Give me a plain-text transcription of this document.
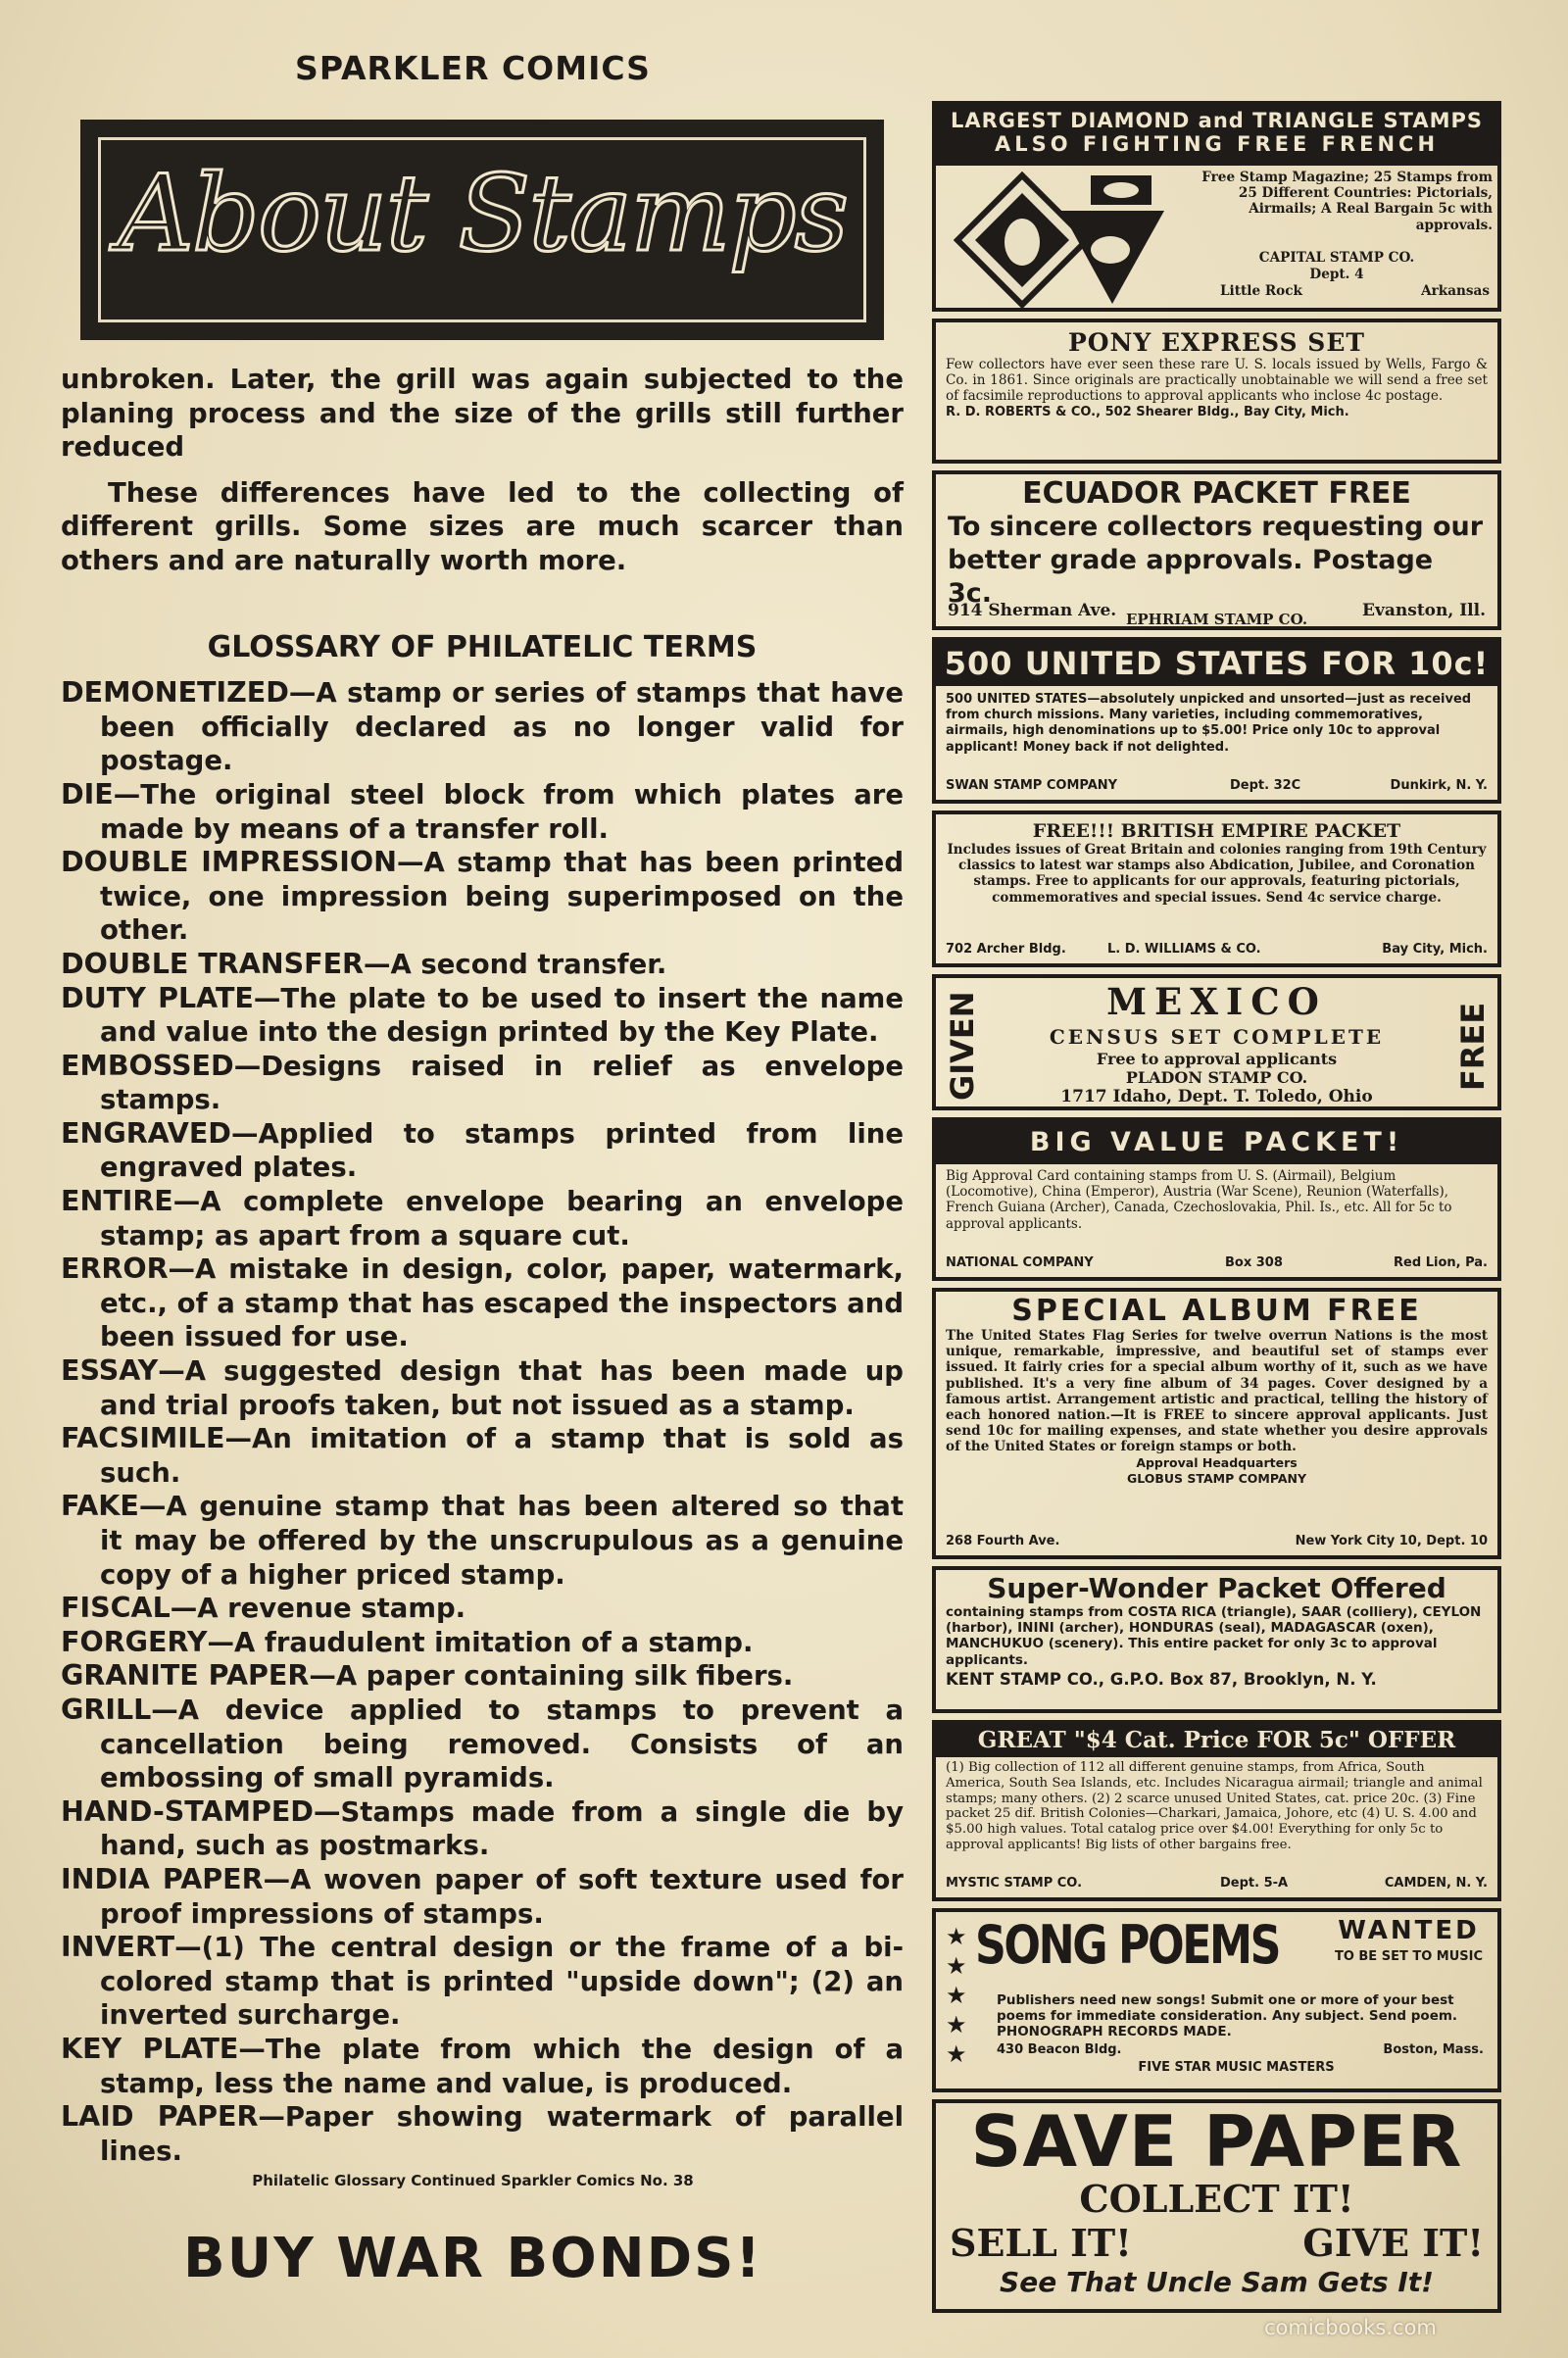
SPARKLER COMICS
About Stamps

unbroken. Later, the grill was again subjected to the planing process and the size of the grills still further reduced

These differences have led to the collecting of different grills. Some sizes are much scarcer than others and are naturally worth more.

GLOSSARY OF PHILATELIC TERMS

DEMONETIZED—A stamp or series of stamps that have been officially declared as no longer valid for postage.

DIE—The original steel block from which plates are made by means of a transfer roll.

DOUBLE IMPRESSION—A stamp that has been printed twice, one impression being superimposed on the other.

DOUBLE TRANSFER—A second transfer.

DUTY PLATE—The plate to be used to insert the name and value into the design printed by the Key Plate.

EMBOSSED—Designs raised in relief as envelope stamps.

ENGRAVED—Applied to stamps printed from line engraved plates.

ENTIRE—A complete envelope bearing an envelope stamp; as apart from a square cut.

ERROR—A mistake in design, color, paper, watermark, etc., of a stamp that has escaped the inspectors and been issued for use.

ESSAY—A suggested design that has been made up and trial proofs taken, but not issued as a stamp.

FACSIMILE—An imitation of a stamp that is sold as such.

FAKE—A genuine stamp that has been altered so that it may be offered by the unscrupulous as a genuine copy of a higher priced stamp.

FISCAL—A revenue stamp.

FORGERY—A fraudulent imitation of a stamp.

GRANITE PAPER—A paper containing silk fibers.

GRILL—A device applied to stamps to prevent a cancellation being removed. Consists of an embossing of small pyramids.

HAND-STAMPED—Stamps made from a single die by hand, such as postmarks.

INDIA PAPER—A woven paper of soft texture used for proof impressions of stamps.

INVERT—(1) The central design or the frame of a bi-colored stamp that is printed "upside down"; (2) an inverted surcharge.

KEY PLATE—The plate from which the design of a stamp, less the name and value, is produced.

LAID PAPER—Paper showing watermark of parallel lines.

Philatelic Glossary Continued Sparkler Comics No. 38
BUY WAR BONDS!
LARGEST DIAMOND and TRIANGLE STAMPS
ALSO FIGHTING FREE FRENCH
Free Stamp Magazine; 25 Stamps from 25 Different Countries: Pictorials, Airmails; A Real Bargain 5c with approvals.
CAPITAL STAMP CO.
Dept. 4
Little Rock	Arkansas
PONY EXPRESS SET
Few collectors have ever seen these rare U. S. locals issued by Wells, Fargo & Co. in 1861. Since originals are practically unobtainable we will send a free set of facsimile reproductions to approval applicants who inclose 4c postage.
R. D. ROBERTS & CO., 502 Shearer Bldg., Bay City, Mich.
ECUADOR PACKET FREE
To sincere collectors requesting our better grade approvals. Postage 3c.
EPHRIAM STAMP CO.
914 Sherman Ave.	Evanston, Ill.
500 UNITED STATES FOR 10c!
500 UNITED STATES—absolutely unpicked and unsorted—just as received from church missions. Many varieties, including commemoratives, airmails, high denominations up to $5.00! Price only 10c to approval applicant! Money back if not delighted.
SWAN STAMP COMPANY	Dept. 32C	Dunkirk, N. Y.
FREE!!! BRITISH EMPIRE PACKET
Includes issues of Great Britain and colonies ranging from 19th Century classics to latest war stamps also Abdication, Jubilee, and Coronation stamps. Free to applicants for our approvals, featuring pictorials, commemoratives and special issues. Send 4c service charge.
702 Archer Bldg.	L. D. WILLIAMS & CO.	Bay City, Mich.
GIVEN	FREE
MEXICO
CENSUS SET COMPLETE
Free to approval applicants
PLADON STAMP CO.
1717 Idaho, Dept. T. Toledo, Ohio
BIG VALUE PACKET!
Big Approval Card containing stamps from U. S. (Airmail), Belgium (Locomotive), China (Emperor), Austria (War Scene), Reunion (Waterfalls), French Guiana (Archer), Canada, Czechoslovakia, Phil. Is., etc. All for 5c to approval applicants.
NATIONAL COMPANY	Box 308	Red Lion, Pa.
SPECIAL ALBUM FREE
The United States Flag Series for twelve overrun Nations is the most unique, remarkable, impressive, and beautiful set of stamps ever issued. It fairly cries for a special album worthy of it, such as we have published. It's a very fine album of 34 pages. Cover designed by a famous artist. Arrangement artistic and practical, telling the history of each honored nation.—It is FREE to sincere approval applicants. Just send 10c for mailing expenses, and state whether you desire approvals of the United States or foreign stamps or both.
Approval Headquarters
GLOBUS STAMP COMPANY
268 Fourth Ave.	New York City 10, Dept. 10
Super-Wonder Packet Offered
containing stamps from COSTA RICA (triangle), SAAR (colliery), CEYLON (harbor), ININI (archer), HONDURAS (seal), MADAGASCAR (oxen), MANCHUKUO (scenery). This entire packet for only 3c to approval applicants.
KENT STAMP CO., G.P.O. Box 87, Brooklyn, N. Y.
GREAT "$4 Cat. Price FOR 5c" OFFER
(1) Big collection of 112 all different genuine stamps, from Africa, South America, South Sea Islands, etc. Includes Nicaragua airmail; triangle and animal stamps; many others. (2) 2 scarce unused United States, cat. price 20c. (3) Fine packet 25 dif. British Colonies—Charkari, Jamaica, Johore, etc (4) U. S. 4.00 and $5.00 high values. Total catalog price over $4.00! Everything for only 5c to approval applicants! Big lists of other bargains free.
MYSTIC STAMP CO.	Dept. 5-A	CAMDEN, N. Y.
★
★
★
★
★
SONG POEMS	WANTED
TO BE SET TO MUSIC
Publishers need new songs! Submit one or more of your best poems for immediate consideration. Any subject. Send poem. PHONOGRAPH RECORDS MADE.
430 Beacon Bldg.	Boston, Mass.
FIVE STAR MUSIC MASTERS
SAVE PAPER
COLLECT IT!
SELL IT!	GIVE IT!
See That Uncle Sam Gets It!
comicbooks.com
